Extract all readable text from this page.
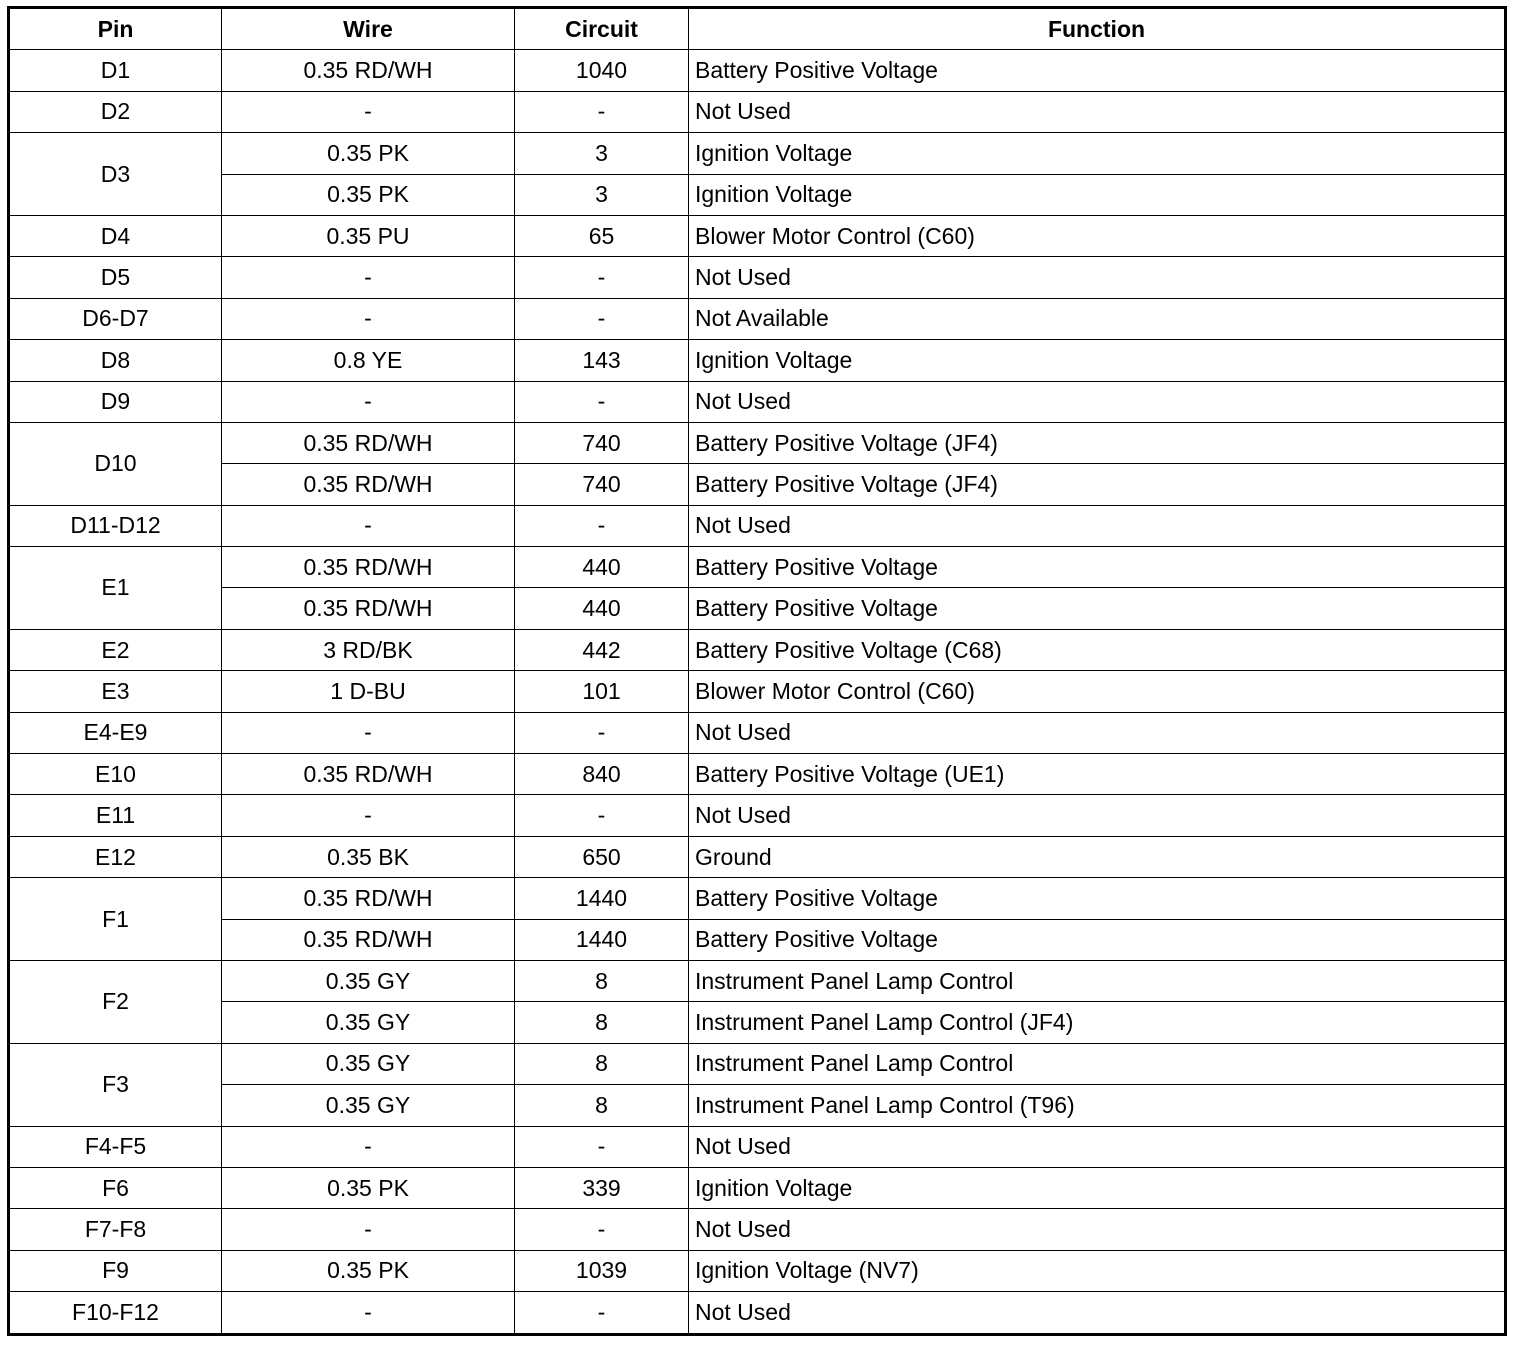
Pin	Wire	Circuit	Function
D1	0.35 RD/WH	1040	Battery Positive Voltage
D2	-	-	Not Used
D3	0.35 PK	3	Ignition Voltage
	0.35 PK	3	Ignition Voltage
D4	0.35 PU	65	Blower Motor Control (C60)
D5	-	-	Not Used
D6-D7	-	-	Not Available
D8	0.8 YE	143	Ignition Voltage
D9	-	-	Not Used
D10	0.35 RD/WH	740	Battery Positive Voltage (JF4)
	0.35 RD/WH	740	Battery Positive Voltage (JF4)
D11-D12	-	-	Not Used
E1	0.35 RD/WH	440	Battery Positive Voltage
	0.35 RD/WH	440	Battery Positive Voltage
E2	3 RD/BK	442	Battery Positive Voltage (C68)
E3	1 D-BU	101	Blower Motor Control (C60)
E4-E9	-	-	Not Used
E10	0.35 RD/WH	840	Battery Positive Voltage (UE1)
E11	-	-	Not Used
E12	0.35 BK	650	Ground
F1	0.35 RD/WH	1440	Battery Positive Voltage
	0.35 RD/WH	1440	Battery Positive Voltage
F2	0.35 GY	8	Instrument Panel Lamp Control
	0.35 GY	8	Instrument Panel Lamp Control (JF4)
F3	0.35 GY	8	Instrument Panel Lamp Control
	0.35 GY	8	Instrument Panel Lamp Control (T96)
F4-F5	-	-	Not Used
F6	0.35 PK	339	Ignition Voltage
F7-F8	-	-	Not Used
F9	0.35 PK	1039	Ignition Voltage (NV7)
F10-F12	-	-	Not Used
